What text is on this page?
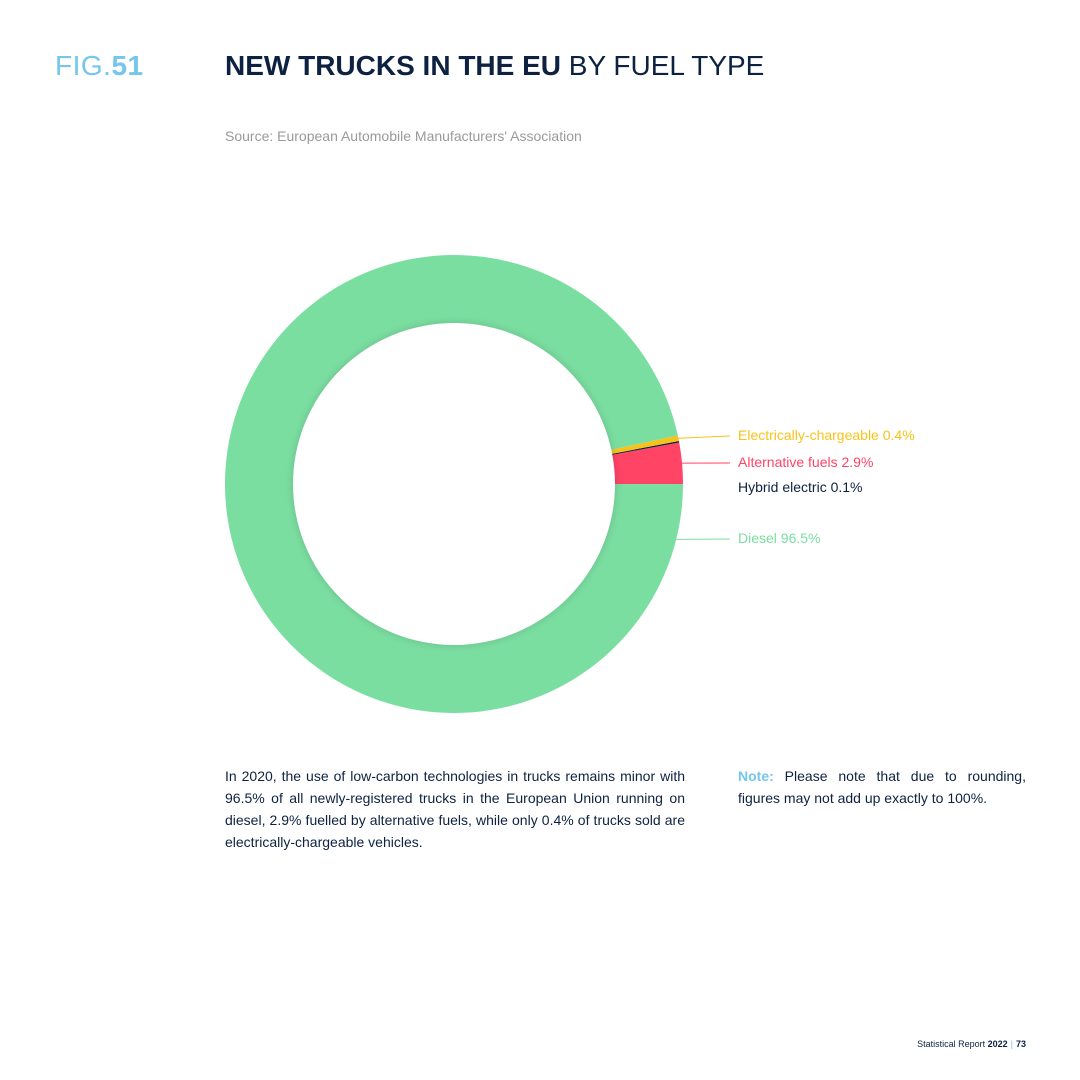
FIG.51	NEW TRUCKS IN THE EU BY FUEL TYPE
Source: European Automobile Manufacturers' Association
Diesel 96.5%
Alternative fuels 2.9%
Electrically-chargeable 0.4%
Hybrid electric 0.1%
In 2020, the use of low-carbon technologies in trucks remains minor with 96.5% of all newly-registered trucks in the European Union running on diesel, 2.9% fuelled by alternative fuels, while only 0.4% of trucks sold are electrically-chargeable vehicles.
Note: Please note that due to rounding, figures may not add up exactly to 100%.
Statistical Report 2022 | 73
